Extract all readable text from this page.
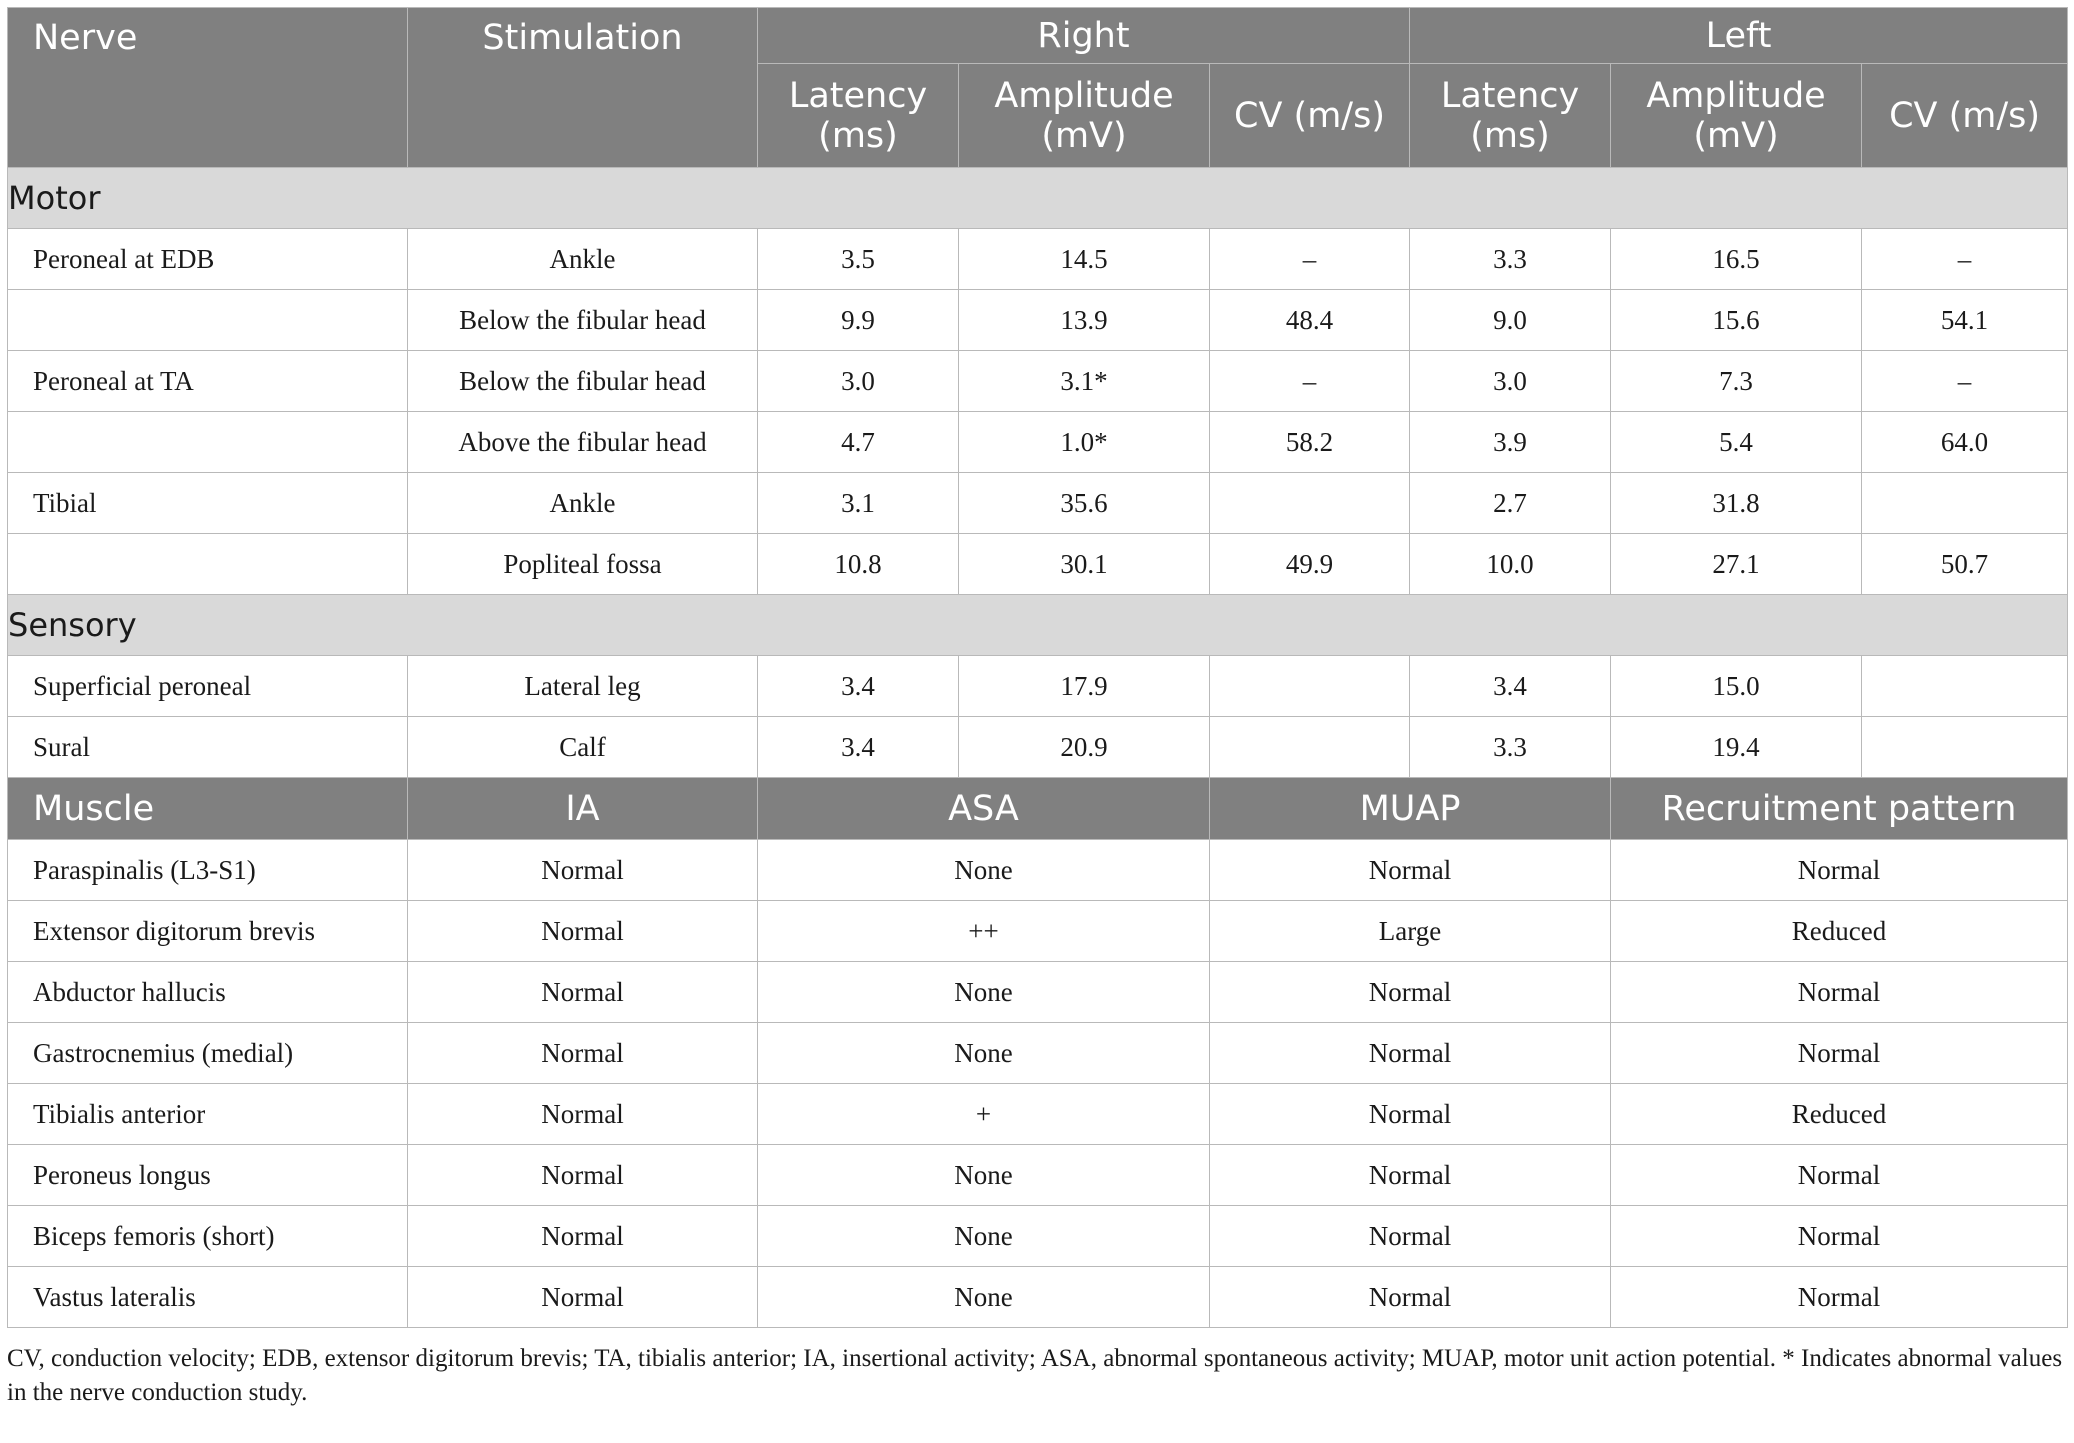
Nerve	Stimulation	Right			Left		
		Latency (ms)	Amplitude (mV)	CV (m/s)	Latency (ms)	Amplitude (mV)	CV (m/s)
Motor							
Peroneal at EDB	Ankle	3.5	14.5	–	3.3	16.5	–
	Below the fibular head	9.9	13.9	48.4	9.0	15.6	54.1
Peroneal at TA	Below the fibular head	3.0	3.1*	–	3.0	7.3	–
	Above the fibular head	4.7	1.0*	58.2	3.9	5.4	64.0
Tibial	Ankle	3.1	35.6		2.7	31.8	
	Popliteal fossa	10.8	30.1	49.9	10.0	27.1	50.7
Sensory							
Superficial peroneal	Lateral leg	3.4	17.9		3.4	15.0	
Sural	Calf	3.4	20.9		3.3	19.4	
Muscle	IA	ASA		MUAP		Recruitment pattern	
Paraspinalis (L3-S1)	Normal	None		Normal		Normal	
Extensor digitorum brevis	Normal	++		Large		Reduced	
Abductor hallucis	Normal	None		Normal		Normal	
Gastrocnemius (medial)	Normal	None		Normal		Normal	
Tibialis anterior	Normal	+		Normal		Reduced	
Peroneus longus	Normal	None		Normal		Normal	
Biceps femoris (short)	Normal	None		Normal		Normal	
Vastus lateralis	Normal	None		Normal		Normal	
CV, conduction velocity; EDB, extensor digitorum brevis; TA, tibialis anterior; IA, insertional activity; ASA, abnormal spontaneous activity; MUAP, motor unit action potential. * Indicates abnormal values in the nerve conduction study.
